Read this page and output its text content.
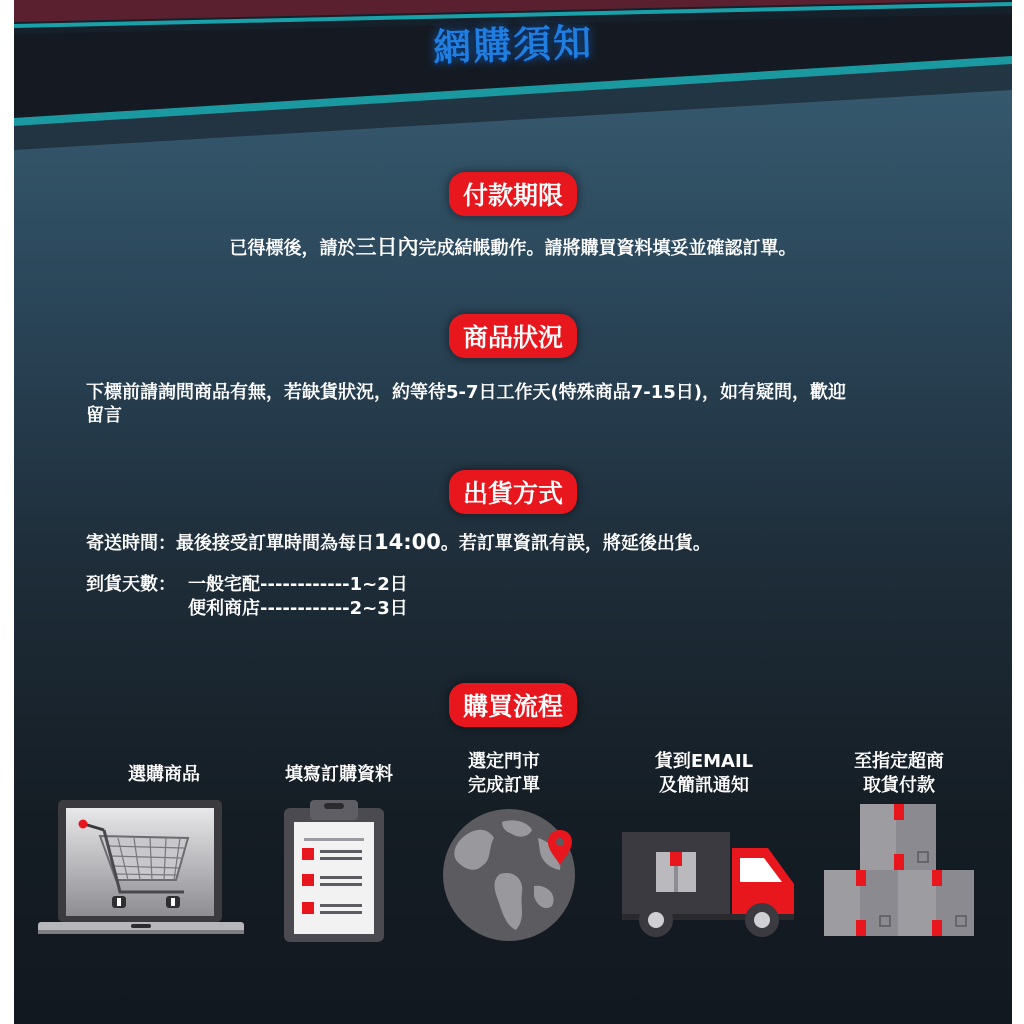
網購須知
付款期限
已得標後，請於三日內完成結帳動作。請將購買資料填妥並確認訂單。
商品狀況
下標前請詢問商品有無，若缺貨狀況，約等待5-7日工作天(特殊商品7-15日)，如有疑問，歡迎
留言
出貨方式
寄送時間：最後接受訂單時間為每日14:00。若訂單資訊有誤，將延後出貨。
到貨天數： 一般宅配------------1~2日
便利商店------------2~3日
購買流程
選購商品	填寫訂購資料
選定門市
完成訂單
貨到EMAIL
及簡訊通知
至指定超商
取貨付款
